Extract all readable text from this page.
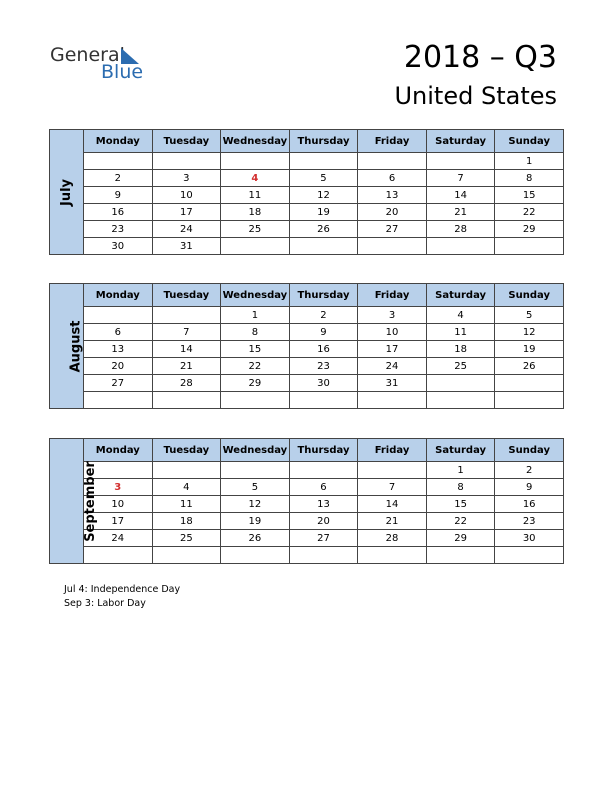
General
Blue	2018 – Q3
United States
July	Monday	Tuesday	Wednesday	Thursday	Friday	Saturday	Sunday
							1
	2	3	4	5	6	7	8
	9	10	11	12	13	14	15
	16	17	18	19	20	21	22
	23	24	25	26	27	28	29
	30	31					
August	Monday	Tuesday	Wednesday	Thursday	Friday	Saturday	Sunday
			1	2	3	4	5
	6	7	8	9	10	11	12
	13	14	15	16	17	18	19
	20	21	22	23	24	25	26
	27	28	29	30	31		

September	Monday	Tuesday	Wednesday	Thursday	Friday	Saturday	Sunday
						1	2
	3	4	5	6	7	8	9
	10	11	12	13	14	15	16
	17	18	19	20	21	22	23
	24	25	26	27	28	29	30

Jul 4: Independence Day
Sep 3: Labor Day
